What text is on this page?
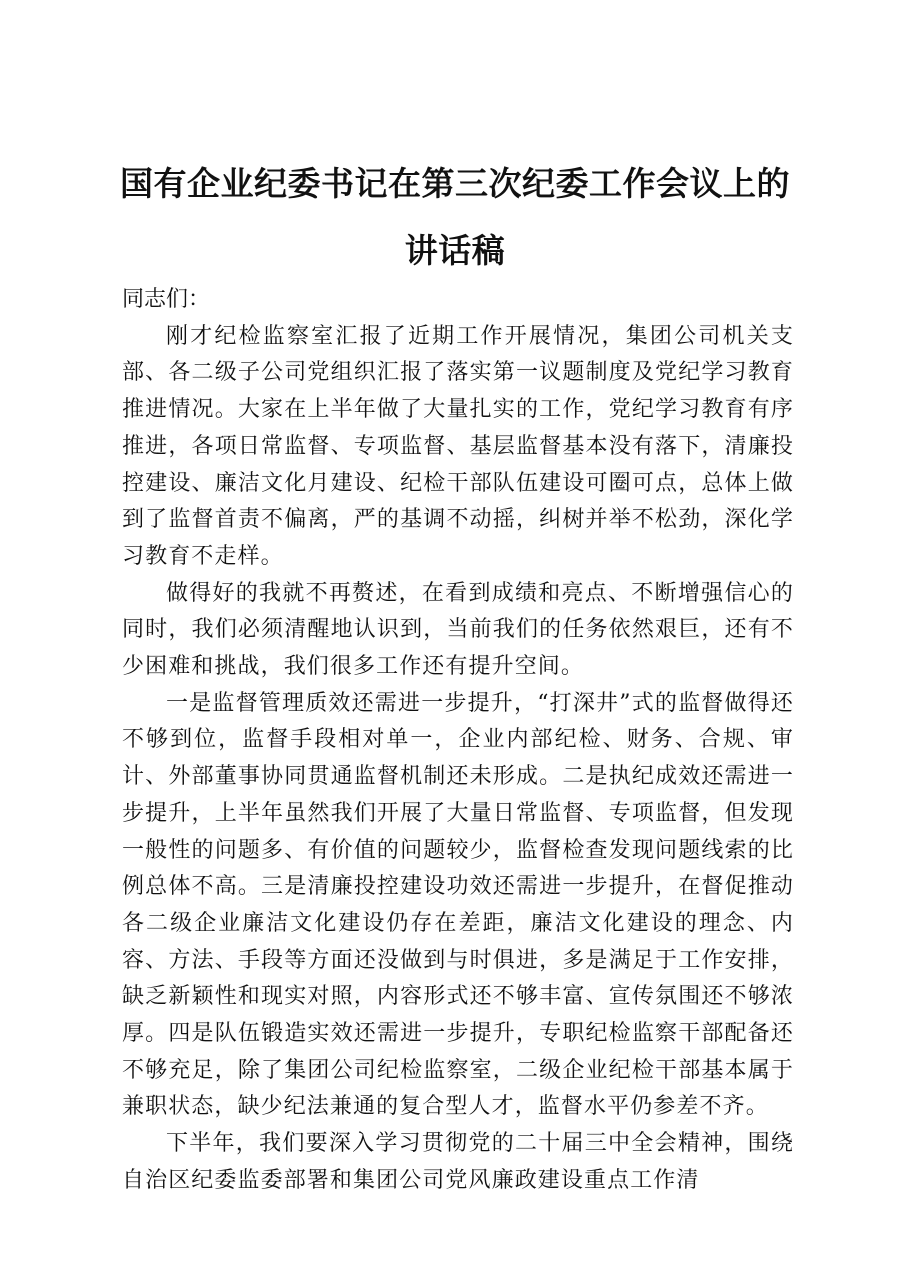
国有企业纪委书记在第三次纪委工作会议上的
讲话稿

同志们：

刚才纪检监察室汇报了近期工作开展情况，集团公司机关支部、各二级子公司党组织汇报了落实第一议题制度及党纪学习教育推进情况。大家在上半年做了大量扎实的工作，党纪学习教育有序推进，各项日常监督、专项监督、基层监督基本没有落下，清廉投控建设、廉洁文化月建设、纪检干部队伍建设可圈可点，总体上做到了监督首责不偏离，严的基调不动摇，纠树并举不松劲，深化学习教育不走样。

做得好的我就不再赘述，在看到成绩和亮点、不断增强信心的同时，我们必须清醒地认识到，当前我们的任务依然艰巨，还有不少困难和挑战，我们很多工作还有提升空间。

一是监督管理质效还需进一步提升，“打深井”式的监督做得还不够到位，监督手段相对单一，企业内部纪检、财务、合规、审计、外部董事协同贯通监督机制还未形成。二是执纪成效还需进一步提升，上半年虽然我们开展了大量日常监督、专项监督，但发现一般性的问题多、有价值的问题较少，监督检查发现问题线索的比例总体不高。三是清廉投控建设功效还需进一步提升，在督促推动各二级企业廉洁文化建设仍存在差距，廉洁文化建设的理念、内容、方法、手段等方面还没做到与时俱进，多是满足于工作安排，缺乏新颖性和现实对照，内容形式还不够丰富、宣传氛围还不够浓厚。四是队伍锻造实效还需进一步提升，专职纪检监察干部配备还不够充足，除了集团公司纪检监察室，二级企业纪检干部基本属于兼职状态，缺少纪法兼通的复合型人才，监督水平仍参差不齐。

下半年，我们要深入学习贯彻党的二十届三中全会精神，围绕自治区纪委监委部署和集团公司党风廉政建设重点工作清
